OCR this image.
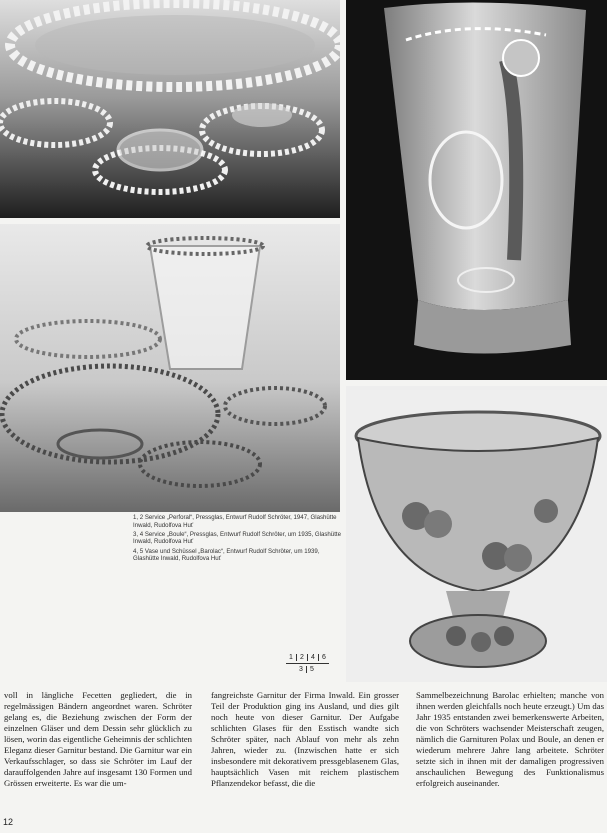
1, 2 Service „Perforal“, Pressglas, Entwurf Rudolf Schröter, 1947, Glashütte Inwald, Rudolfova Huť

3, 4 Service „Boule“, Pressglas, Entwurf Rudolf Schröter, um 1935, Glashütte Inwald, Rudolfova Huť

4, 5 Vase und Schüssel „Barolac“, Entwurf Rudolf Schröter, um 1939, Glashütte Inwald, Rudolfova Huť

1	2	4	6
3	5

voll in längliche Fecetten gegliedert, die in regelmässigen Bändern angeordnet waren. Schröter gelang es, die Beziehung zwischen der Form der einzelnen Gläser und dem Dessin sehr glücklich zu lösen, worin das eigentliche Geheimnis der schlichten Eleganz dieser Garnitur bestand. Die Garnitur war ein Verkaufsschlager, so dass sie Schröter im Lauf der darauffolgenden Jahre auf insgesamt 130 Formen und Grössen erweiterte. Es war die um-

fangreichste Garnitur der Firma Inwald. Ein grosser Teil der Produktion ging ins Ausland, und dies gilt noch heute von dieser Garnitur. Der Aufgabe schlichten Glases für den Esstisch wandte sich Schröter später, nach Ablauf von mehr als zehn Jahren, wieder zu. (Inzwischen hatte er sich insbesondere mit dekorativem pressgeblasenem Glas, hauptsächlich Vasen mit reichem plastischem Pflanzendekor befasst, die die

Sammelbezeichnung Barolac erhielten; manche von ihnen werden gleichfalls noch heute erzeugt.) Um das Jahr 1935 entstanden zwei bemerkenswerte Arbeiten, die von Schröters wachsender Meisterschaft zeugen, nämlich die Garnituren Polax und Boule, an denen er wiederum mehrere Jahre lang arbeitete. Schröter setzte sich in ihnen mit der damaligen progressiven anschaulichen Bewegung des Funktionalismus erfolgreich auseinander.

12
